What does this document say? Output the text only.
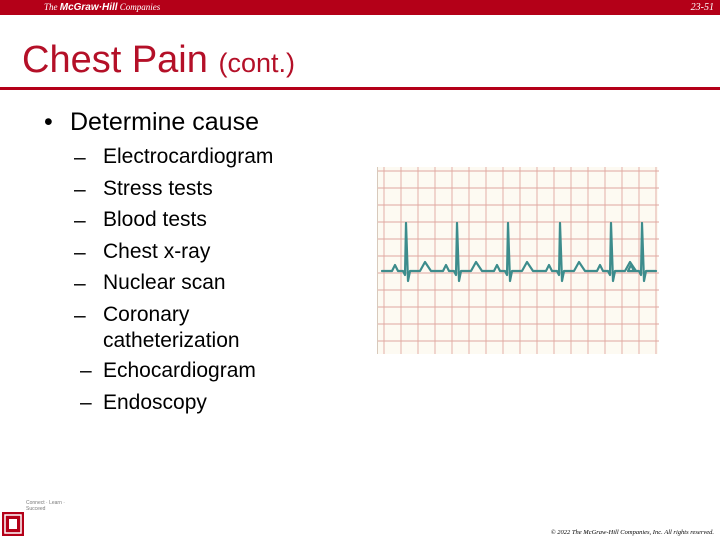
The McGraw·Hill Companies	23-51
Chest Pain (cont.)
• Determine cause
– Electrocardiogram
– Stress tests
– Blood tests
– Chest x-ray
– Nuclear scan
– Coronary catheterization
– Echocardiogram
– Endoscopy
Connect · Learn · Succeed
© 2022 The McGraw-Hill Companies, Inc. All rights reserved.
